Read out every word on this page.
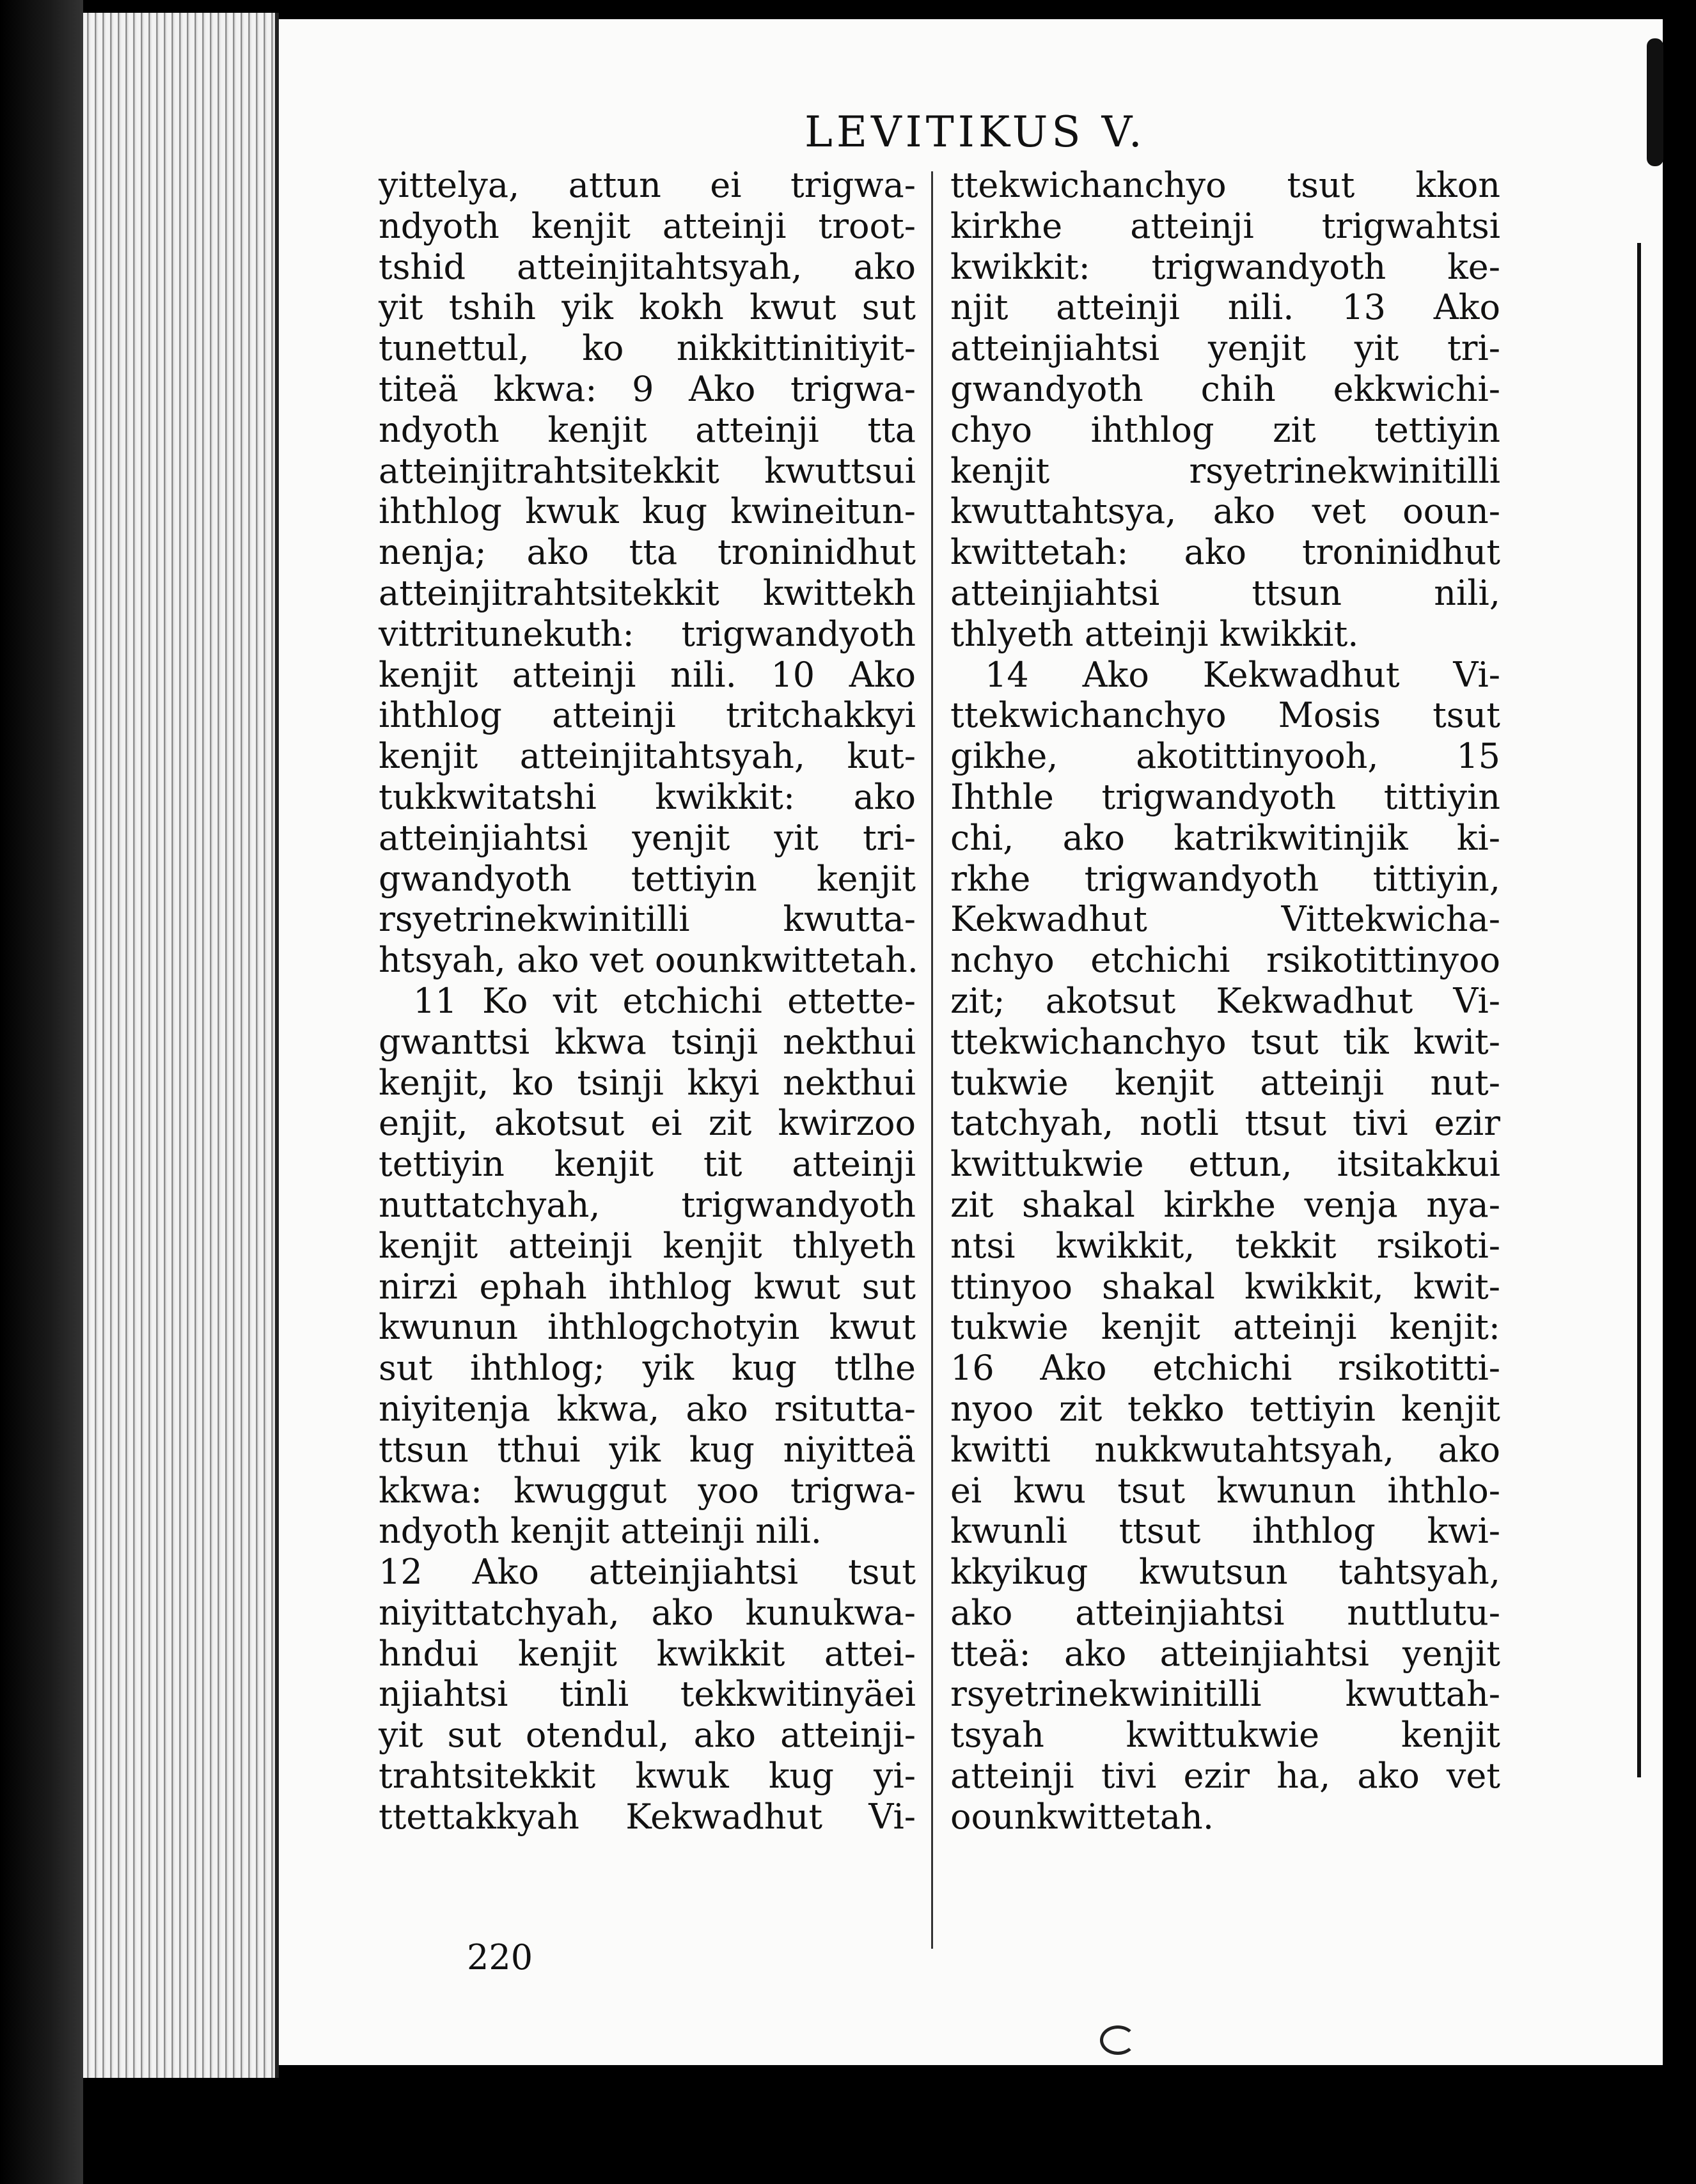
LEVITIKUS V.
yittelya, attun ei trigwa-
ndyoth kenjit atteinji troot-
tshid atteinjitahtsyah, ako
yit tshih yik kokh kwut sut
tunettul, ko nikkittinitiyit-
titeä kkwa: 9 Ako trigwa-
ndyoth kenjit atteinji tta
atteinjitrahtsitekkit kwuttsui
ihthlog kwuk kug kwineitun-
nenja; ako tta troninidhut
atteinjitrahtsitekkit kwittekh
vittritunekuth: trigwandyoth
kenjit atteinji nili. 10 Ako
ihthlog atteinji tritchakkyi
kenjit atteinjitahtsyah, kut-
tukkwitatshi kwikkit: ako
atteinjiahtsi yenjit yit tri-
gwandyoth tettiyin kenjit
rsyetrinekwinitilli kwutta-
htsyah, ako vet oounkwittetah.
11 Ko vit etchichi ettette-
gwanttsi kkwa tsinji nekthui
kenjit, ko tsinji kkyi nekthui
enjit, akotsut ei zit kwirzoo
tettiyin kenjit tit atteinji
nuttatchyah, trigwandyoth
kenjit atteinji kenjit thlyeth
nirzi ephah ihthlog kwut sut
kwunun ihthlogchotyin kwut
sut ihthlog; yik kug ttlhe
niyitenja kkwa, ako rsitutta-
ttsun tthui yik kug niyitteä
kkwa: kwuggut yoo trigwa-
ndyoth kenjit atteinji nili.
12 Ako atteinjiahtsi tsut
niyittatchyah, ako kunukwa-
hndui kenjit kwikkit attei-
njiahtsi tinli tekkwitinyäei
yit sut otendul, ako atteinji-
trahtsitekkit kwuk kug yi-
ttettakkyah Kekwadhut Vi-
ttekwichanchyo tsut kkon
kirkhe atteinji trigwahtsi
kwikkit: trigwandyoth ke-
njit atteinji nili. 13 Ako
atteinjiahtsi yenjit yit tri-
gwandyoth chih ekkwichi-
chyo ihthlog zit tettiyin
kenjit rsyetrinekwinitilli
kwuttahtsya, ako vet ooun-
kwittetah: ako troninidhut
atteinjiahtsi ttsun nili,
thlyeth atteinji kwikkit.
14 Ako Kekwadhut Vi-
ttekwichanchyo Mosis tsut
gikhe, akotittinyooh, 15
Ihthle trigwandyoth tittiyin
chi, ako katrikwitinjik ki-
rkhe trigwandyoth tittiyin,
Kekwadhut Vittekwicha-
nchyo etchichi rsikotittinyoo
zit; akotsut Kekwadhut Vi-
ttekwichanchyo tsut tik kwit-
tukwie kenjit atteinji nut-
tatchyah, notli ttsut tivi ezir
kwittukwie ettun, itsitakkui
zit shakal kirkhe venja nya-
ntsi kwikkit, tekkit rsikoti-
ttinyoo shakal kwikkit, kwit-
tukwie kenjit atteinji kenjit:
16 Ako etchichi rsikotitti-
nyoo zit tekko tettiyin kenjit
kwitti nukkwutahtsyah, ako
ei kwu tsut kwunun ihthlo-
kwunli ttsut ihthlog kwi-
kkyikug kwutsun tahtsyah,
ako atteinjiahtsi nuttlutu-
tteä: ako atteinjiahtsi yenjit
rsyetrinekwinitilli kwuttah-
tsyah kwittukwie kenjit
atteinji tivi ezir ha, ako vet
oounkwittetah.
220
